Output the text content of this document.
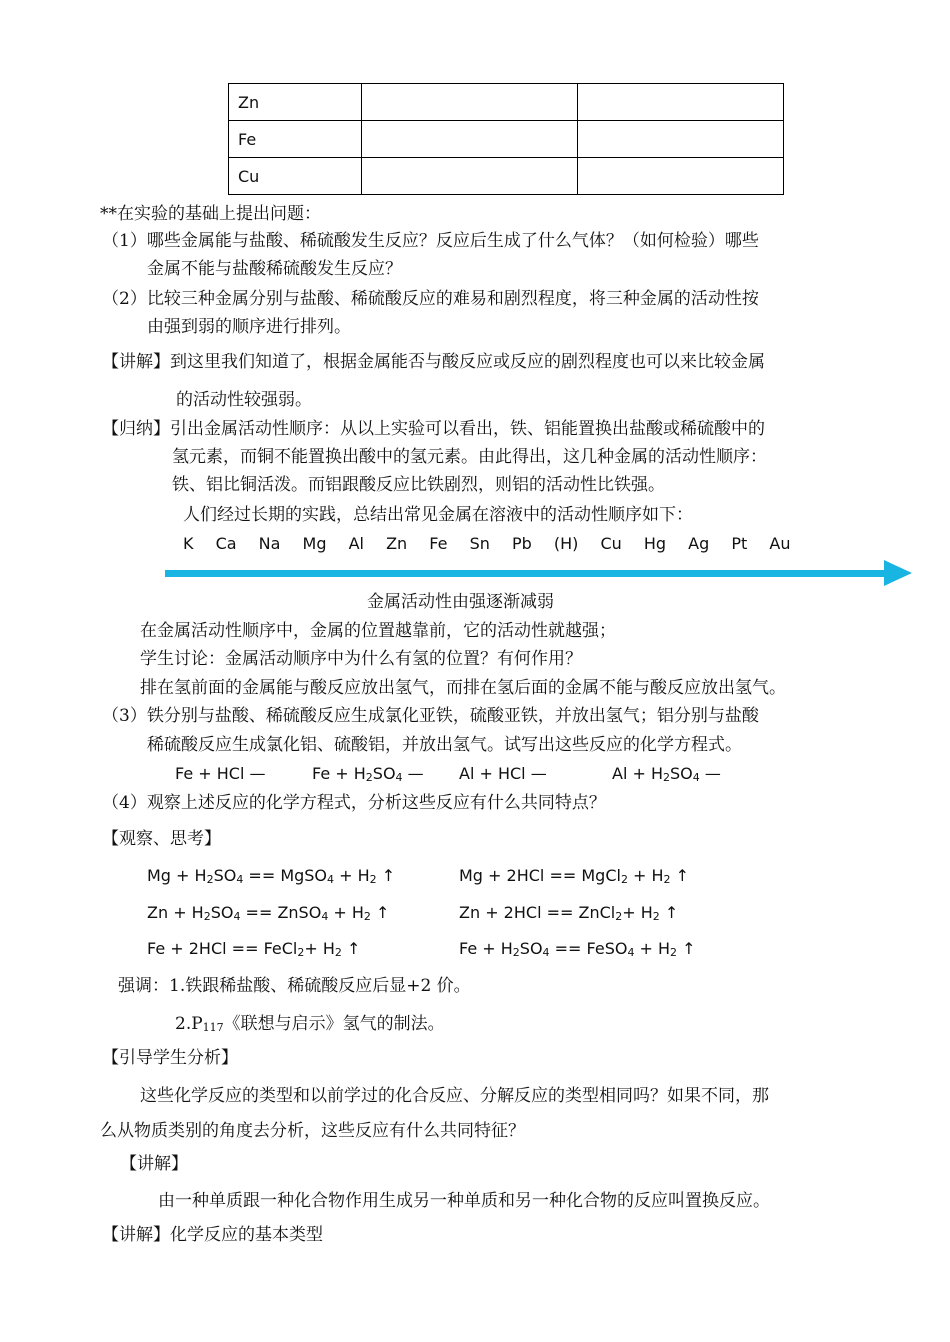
Zn		
Fe		
Cu		
**在实验的基础上提出问题：
（1）哪些金属能与盐酸、稀硫酸发生反应？反应后生成了什么气体？（如何检验）哪些
金属不能与盐酸稀硫酸发生反应？
（2）比较三种金属分别与盐酸、稀硫酸反应的难易和剧烈程度，将三种金属的活动性按
由强到弱的顺序进行排列。
【讲解】到这里我们知道了，根据金属能否与酸反应或反应的剧烈程度也可以来比较金属
的活动性较强弱。
【归纳】引出金属活动性顺序：从以上实验可以看出，铁、铝能置换出盐酸或稀硫酸中的
氢元素，而铜不能置换出酸中的氢元素。由此得出，这几种金属的活动性顺序：
铁、铝比铜活泼。而铝跟酸反应比铁剧烈，则铝的活动性比铁强。
人们经过长期的实践，总结出常见金属在溶液中的活动性顺序如下：
K Ca Na Mg Al Zn Fe Sn Pb (H) Cu Hg Ag Pt Au
金属活动性由强逐渐减弱
在金属活动性顺序中，金属的位置越靠前，它的活动性就越强；
学生讨论：金属活动顺序中为什么有氢的位置？有何作用？
排在氢前面的金属能与酸反应放出氢气，而排在氢后面的金属不能与酸反应放出氢气。
（3）铁分别与盐酸、稀硫酸反应生成氯化亚铁，硫酸亚铁，并放出氢气；铝分别与盐酸
稀硫酸反应生成氯化铝、硫酸铝，并放出氢气。试写出这些反应的化学方程式。
Fe + HCl —	$Fe + H_2SO_4$ — Al + HCl —	$Al + H_2SO_4$ —
（4）观察上述反应的化学方程式，分析这些反应有什么共同特点？
【观察、思考】
$Mg + H_2SO_4$ == MgSO$_4$ + $H_2$ ↑	Mg + 2HCl == MgCl$_2$ + $H_2$ ↑
$Zn + H_2SO_4$ == ZnSO$_4$ + $H_2$ ↑	Zn + 2HCl == ZnCl$_2$+ $H_2$ ↑
Fe + 2HCl == FeCl$_2$+ $H_2$ ↑	$Fe + H_2SO_4$ == FeSO$_4$ + $H_2$ ↑
强调：1.铁跟稀盐酸、稀硫酸反应后显+2 价。
$2.P_{117}$《联想与启示》氢气的制法。
【引导学生分析】
这些化学反应的类型和以前学过的化合反应、分解反应的类型相同吗？如果不同，那
么从物质类别的角度去分析，这些反应有什么共同特征？
【讲解】
由一种单质跟一种化合物作用生成另一种单质和另一种化合物的反应叫置换反应。
【讲解】化学反应的基本类型
